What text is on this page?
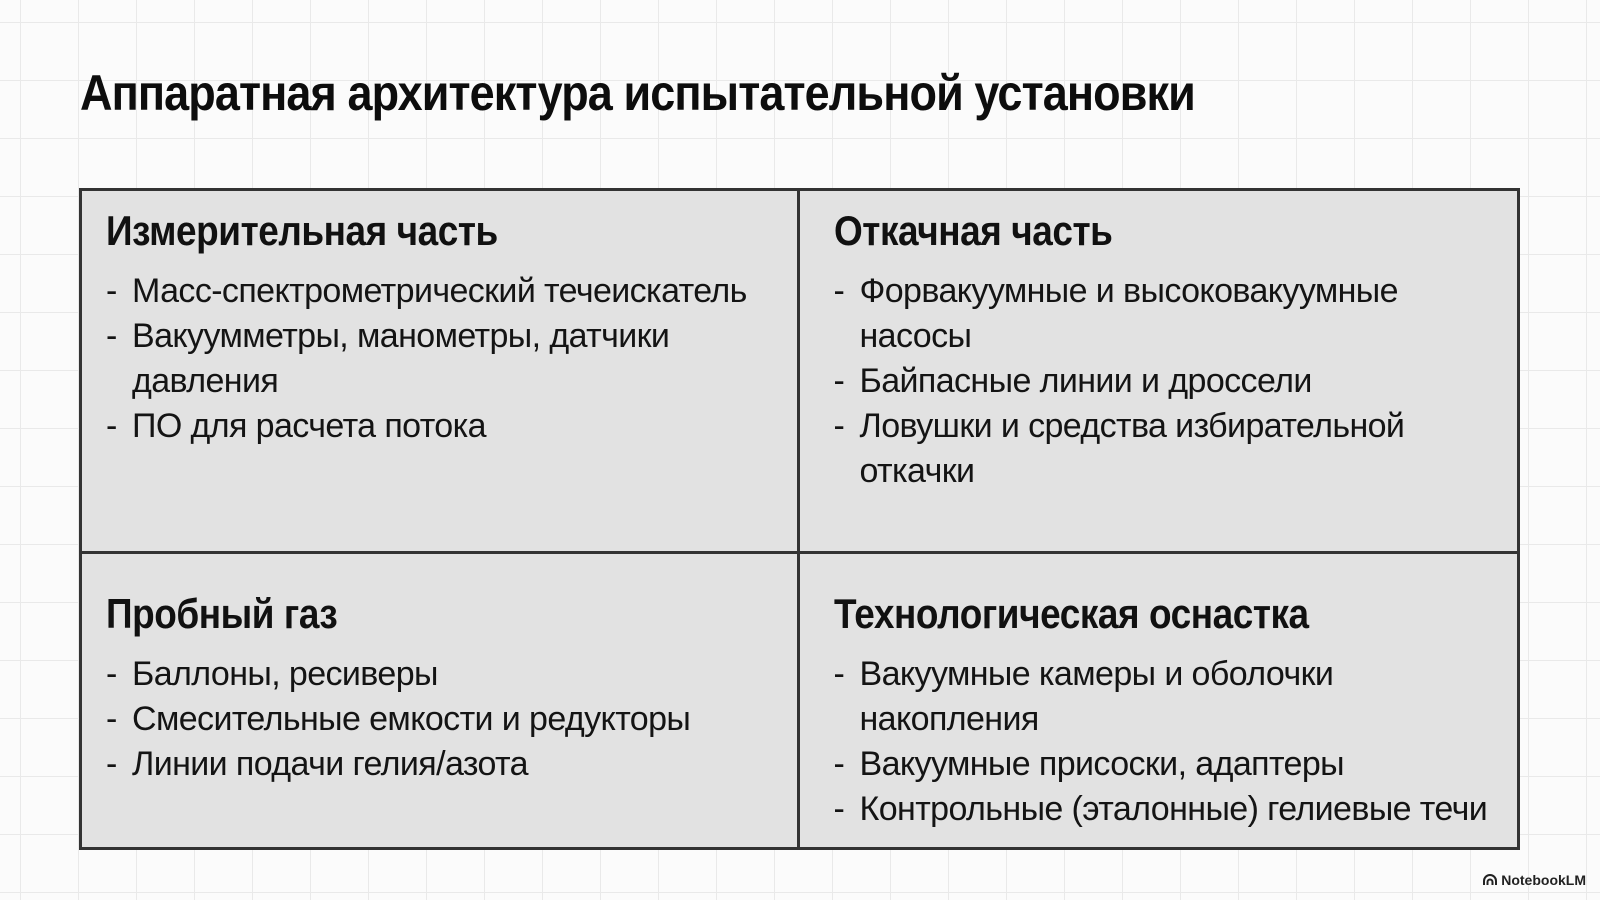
Аппаратная архитектура испытательной установки
Измерительная часть
- Масс-спектрометрический течеискатель
- Вакуумметры, манометры, датчики давления
- ПО для расчета потока
Откачная часть
- Форвакуумные и высоковакуумные насосы
- Байпасные линии и дроссели
- Ловушки и средства избирательной откачки
Пробный газ
- Баллоны, ресиверы
- Смесительные емкости и редукторы
- Линии подачи гелия/азота
Технологическая оснастка
- Вакуумные камеры и оболочки накопления
- Вакуумные присоски, адаптеры
- Контрольные (эталонные) гелиевые течи
NotebookLM
